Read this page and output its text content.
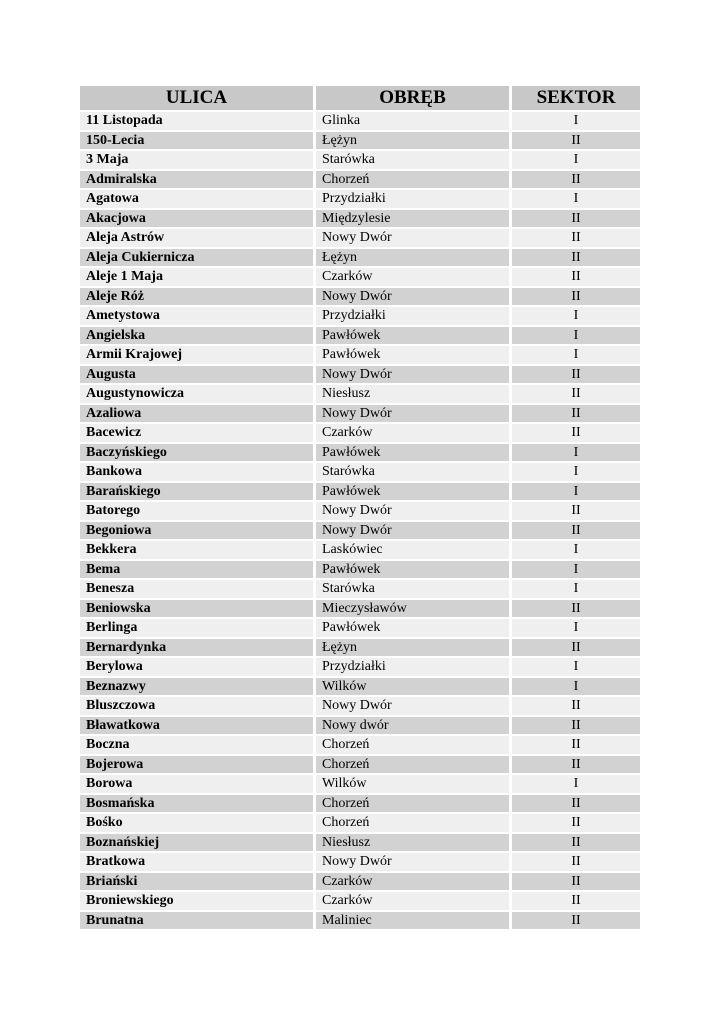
ULICA	OBRĘB	SEKTOR
11 Listopada	Glinka	I
150-Lecia	Łężyn	II
3 Maja	Starówka	I
Admiralska	Chorzeń	II
Agatowa	Przydziałki	I
Akacjowa	Międzylesie	II
Aleja Astrów	Nowy Dwór	II
Aleja Cukiernicza	Łężyn	II
Aleje 1 Maja	Czarków	II
Aleje Róż	Nowy Dwór	II
Ametystowa	Przydziałki	I
Angielska	Pawłówek	I
Armii Krajowej	Pawłówek	I
Augusta	Nowy Dwór	II
Augustynowicza	Niesłusz	II
Azaliowa	Nowy Dwór	II
Bacewicz	Czarków	II
Baczyńskiego	Pawłówek	I
Bankowa	Starówka	I
Barańskiego	Pawłówek	I
Batorego	Nowy Dwór	II
Begoniowa	Nowy Dwór	II
Bekkera	Laskówiec	I
Bema	Pawłówek	I
Benesza	Starówka	I
Beniowska	Mieczysławów	II
Berlinga	Pawłówek	I
Bernardynka	Łężyn	II
Berylowa	Przydziałki	I
Beznazwy	Wilków	I
Bluszczowa	Nowy Dwór	II
Bławatkowa	Nowy dwór	II
Boczna	Chorzeń	II
Bojerowa	Chorzeń	II
Borowa	Wilków	I
Bosmańska	Chorzeń	II
Bośko	Chorzeń	II
Boznańskiej	Niesłusz	II
Bratkowa	Nowy Dwór	II
Briański	Czarków	II
Broniewskiego	Czarków	II
Brunatna	Maliniec	II
